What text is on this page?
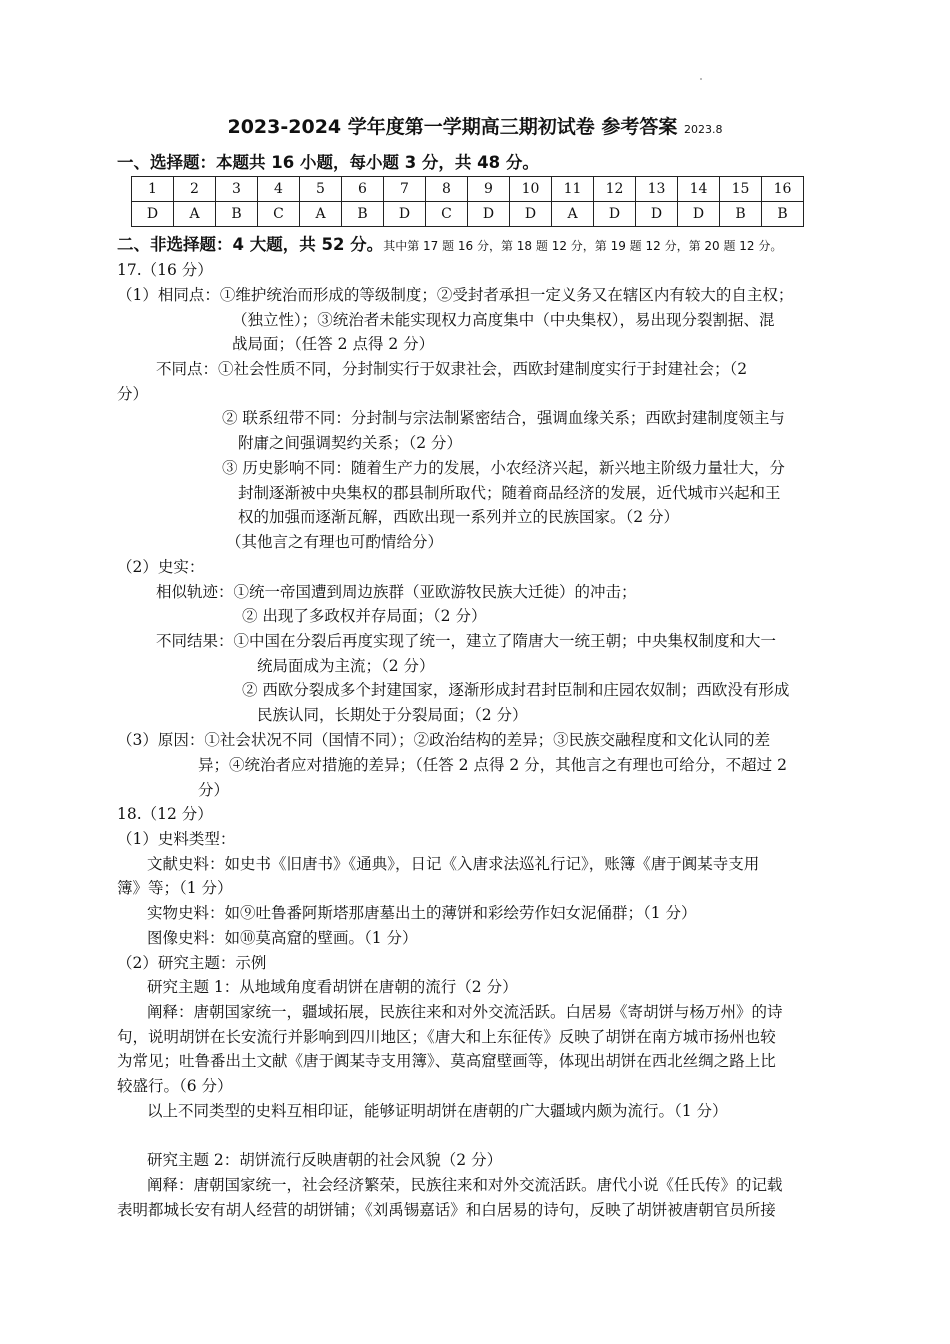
2023-2024 学年度第一学期高三期初试卷 参考答案 2023.8
一、选择题：本题共 16 小题，每小题 3 分，共 48 分。
1	2	3	4	5	6	7	8	9	10	11	12	13	14	15	16
D	A	B	C	A	B	D	C	D	D	A	D	D	D	B	B
二、非选择题：4 大题，共 52 分。其中第 17 题 16 分，第 18 题 12 分，第 19 题 12 分，第 20 题 12 分。
17.（16 分）
（1）相同点：①维护统治而形成的等级制度；②受封者承担一定义务又在辖区内有较大的自主权；
（独立性）；③统治者未能实现权力高度集中（中央集权），易出现分裂割据、混
战局面；（任答 2 点得 2 分）
不同点：①社会性质不同，分封制实行于奴隶社会，西欧封建制度实行于封建社会；（2
分）
② 联系纽带不同：分封制与宗法制紧密结合，强调血缘关系；西欧封建制度领主与
附庸之间强调契约关系；（2 分）
③ 历史影响不同：随着生产力的发展，小农经济兴起，新兴地主阶级力量壮大，分
封制逐渐被中央集权的郡县制所取代；随着商品经济的发展，近代城市兴起和王
权的加强而逐渐瓦解，西欧出现一系列并立的民族国家。（2 分）
（其他言之有理也可酌情给分）
（2）史实：
相似轨迹：①统一帝国遭到周边族群（亚欧游牧民族大迁徙）的冲击；
② 出现了多政权并存局面；（2 分）
不同结果：①中国在分裂后再度实现了统一，建立了隋唐大一统王朝；中央集权制度和大一
统局面成为主流；（2 分）
② 西欧分裂成多个封建国家，逐渐形成封君封臣制和庄园农奴制；西欧没有形成
民族认同，长期处于分裂局面；（2 分）
（3）原因：①社会状况不同（国情不同）；②政治结构的差异；③民族交融程度和文化认同的差
异；④统治者应对措施的差异；（任答 2 点得 2 分，其他言之有理也可给分，不超过 2
分）
18.（12 分）
（1）史料类型：
文献史料：如史书《旧唐书》《通典》，日记《入唐求法巡礼行记》，账簿《唐于阗某寺支用
簿》等；（1 分）
实物史料：如⑨吐鲁番阿斯塔那唐墓出土的薄饼和彩绘劳作妇女泥俑群；（1 分）
图像史料：如⑩莫高窟的壁画。（1 分）
（2）研究主题：示例
研究主题 1：从地域角度看胡饼在唐朝的流行（2 分）
阐释：唐朝国家统一，疆域拓展，民族往来和对外交流活跃。白居易《寄胡饼与杨万州》的诗
句，说明胡饼在长安流行并影响到四川地区；《唐大和上东征传》反映了胡饼在南方城市扬州也较
为常见；吐鲁番出土文献《唐于阗某寺支用簿》、莫高窟壁画等，体现出胡饼在西北丝绸之路上比
较盛行。（6 分）
以上不同类型的史料互相印证，能够证明胡饼在唐朝的广大疆域内颇为流行。（1 分）
研究主题 2：胡饼流行反映唐朝的社会风貌（2 分）
阐释：唐朝国家统一，社会经济繁荣，民族往来和对外交流活跃。唐代小说《任氏传》的记载
表明都城长安有胡人经营的胡饼铺；《刘禹锡嘉话》和白居易的诗句，反映了胡饼被唐朝官员所接
